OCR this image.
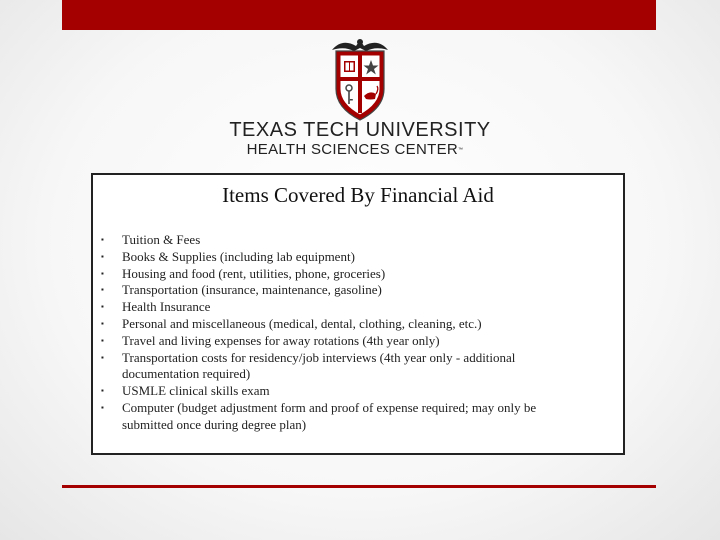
TEXAS TECH UNIVERSITY
HEALTH SCIENCES CENTER™
Items Covered By Financial Aid
▪ Tuition & Fees
▪ Books & Supplies (including lab equipment)
▪ Housing and food (rent, utilities, phone, groceries)
▪ Transportation (insurance, maintenance, gasoline)
▪ Health Insurance
▪ Personal and miscellaneous (medical, dental, clothing, cleaning, etc.)
▪ Travel and living expenses for away rotations (4th year only)
▪ Transportation costs for residency/job interviews (4th year only - additional documentation required)
▪ USMLE clinical skills exam
▪ Computer (budget adjustment form and proof of expense required; may only be submitted once during degree plan)
